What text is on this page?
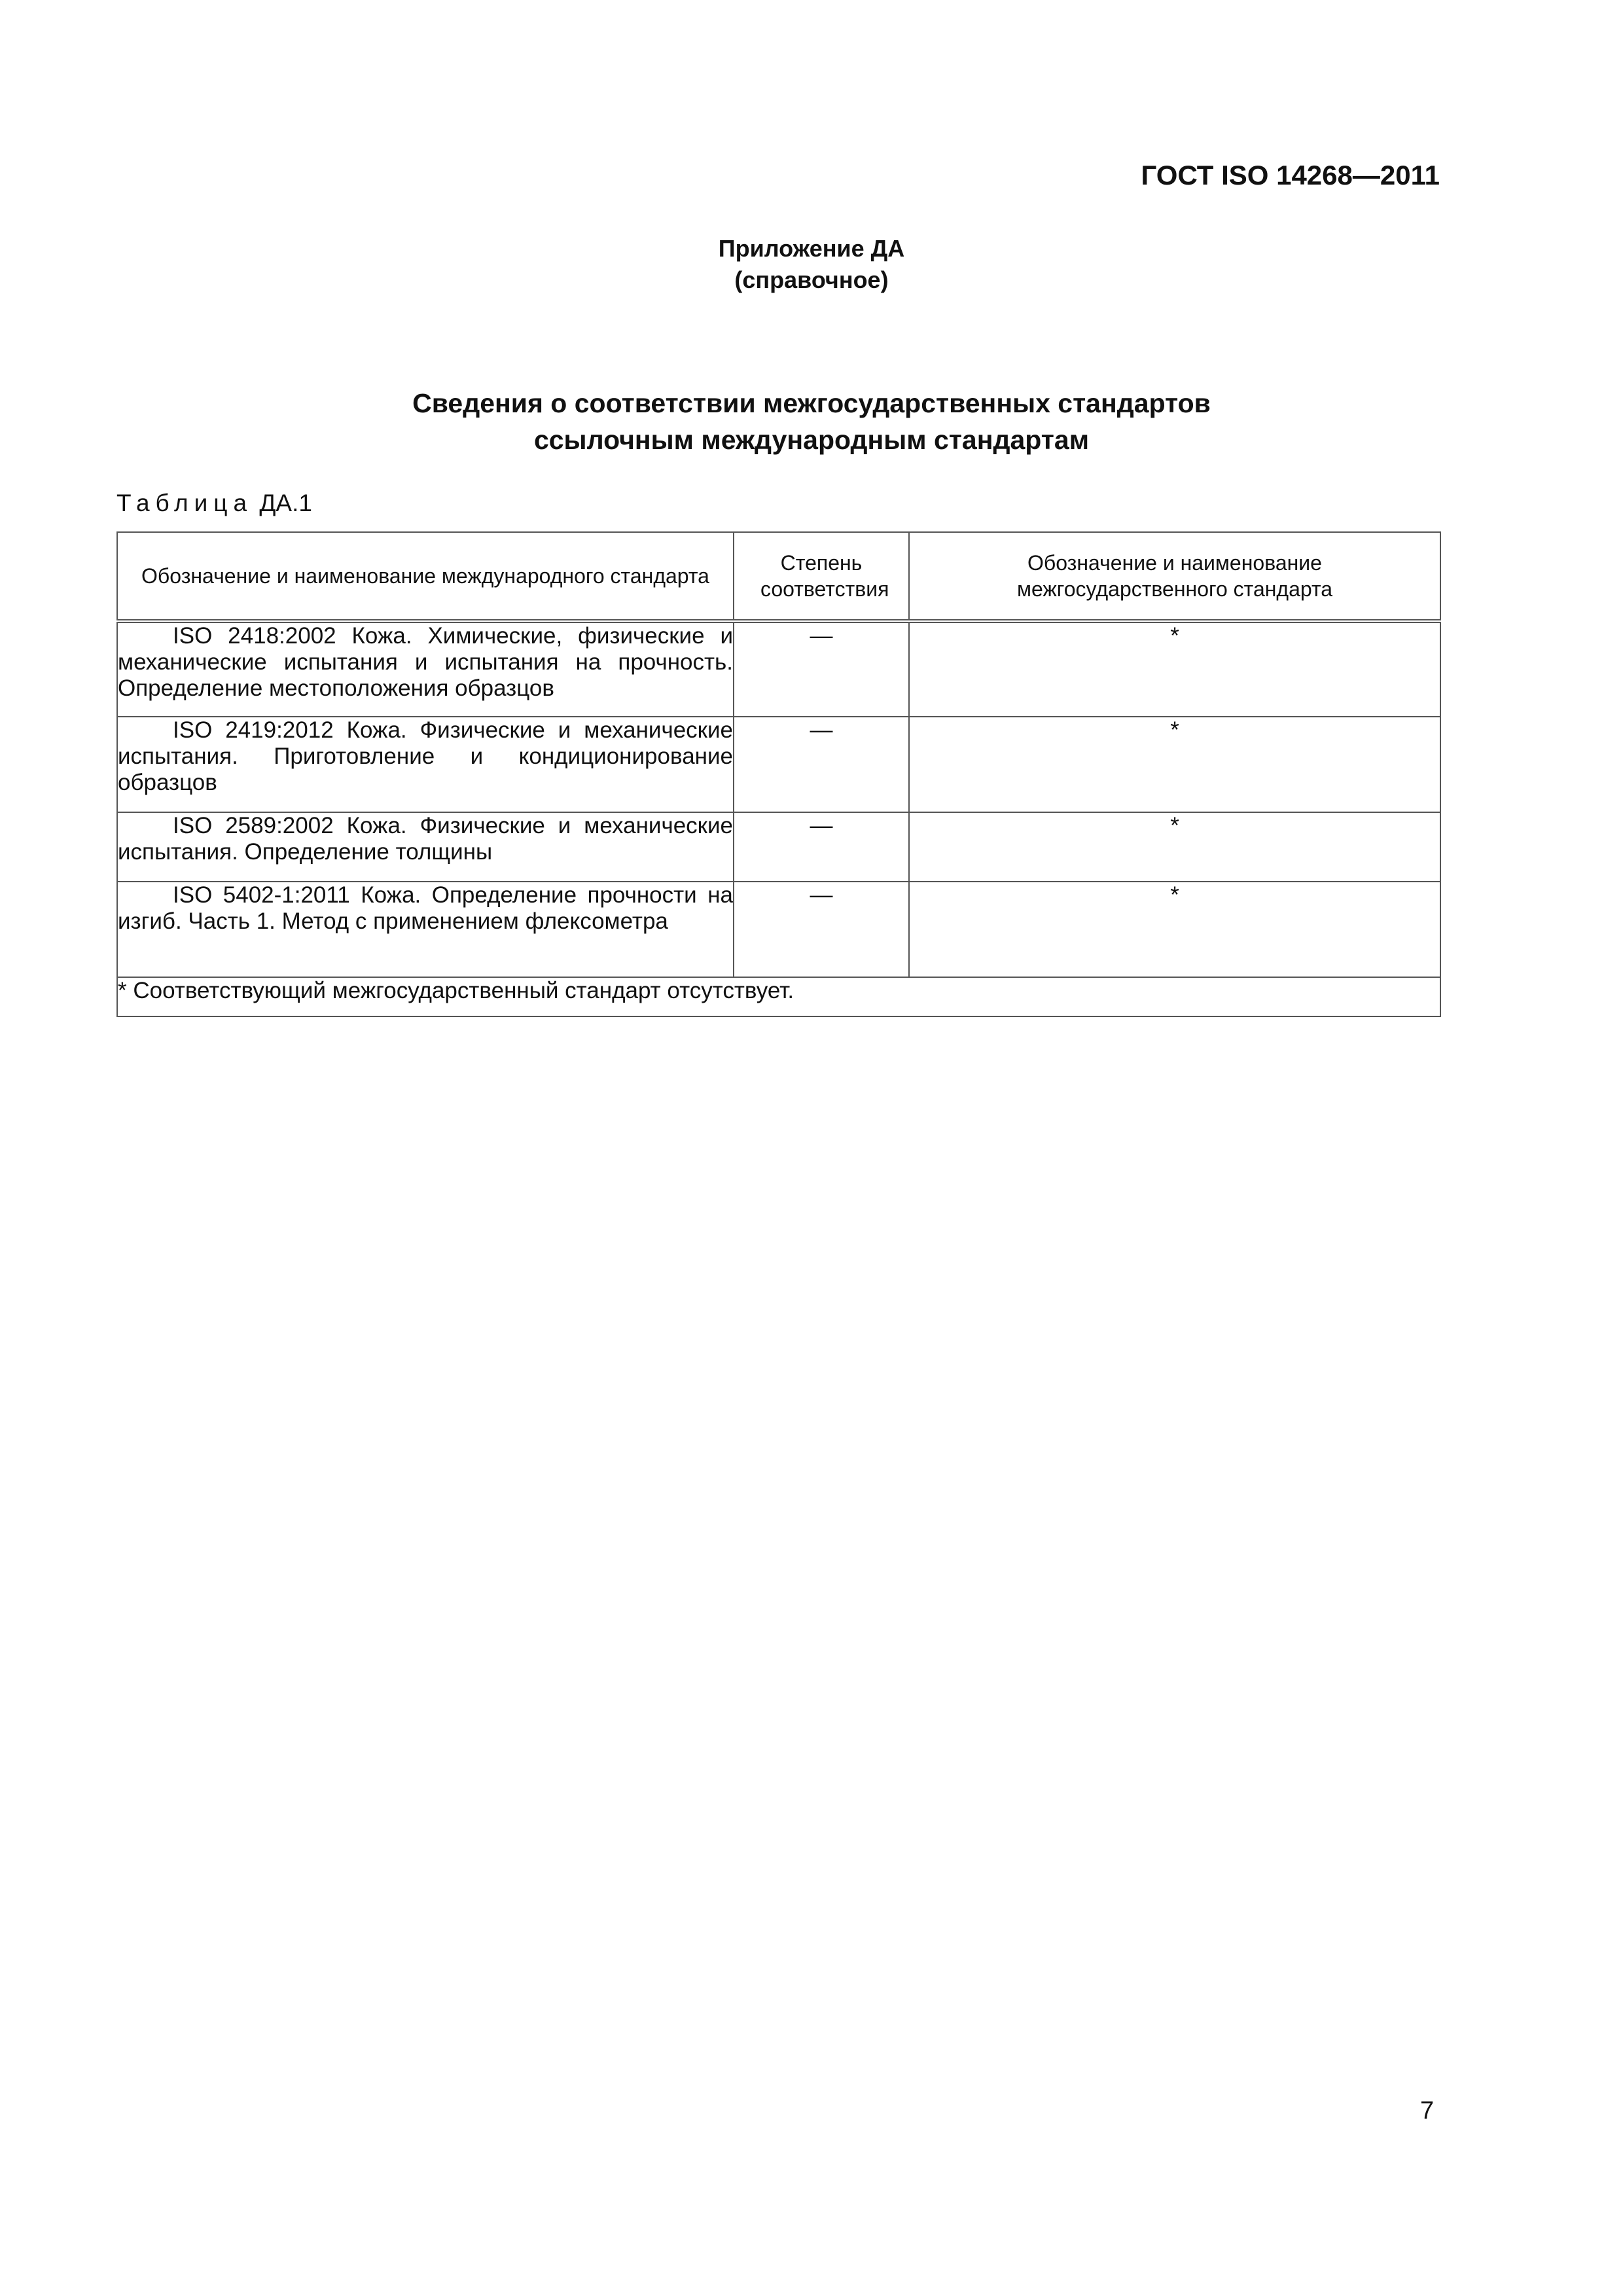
ГОСТ ISO 14268—2011
Приложение ДА
(справочное)
Сведения о соответствии межгосударственных стандартов
ссылочным международным стандартам
Таблица ДА.1
Обозначение и наименование международного стандарта	Степень соответствия	Обозначение и наименование межгосударственного стандарта

ISO 2418:2002 Кожа. Химические, физические и механические испытания и испытания на прочность. Определение местоположения образцов	—	*

ISO 2419:2012 Кожа. Физические и механические испытания. Приготовление и кондиционирование образцов	—	*

ISO 2589:2002 Кожа. Физические и механические испытания. Определение толщины	—	*

ISO 5402-1:2011 Кожа. Определение прочности на изгиб. Часть 1. Метод с применением флексометра	—	*
* Соответствующий межгосударственный стандарт отсутствует.		
7
